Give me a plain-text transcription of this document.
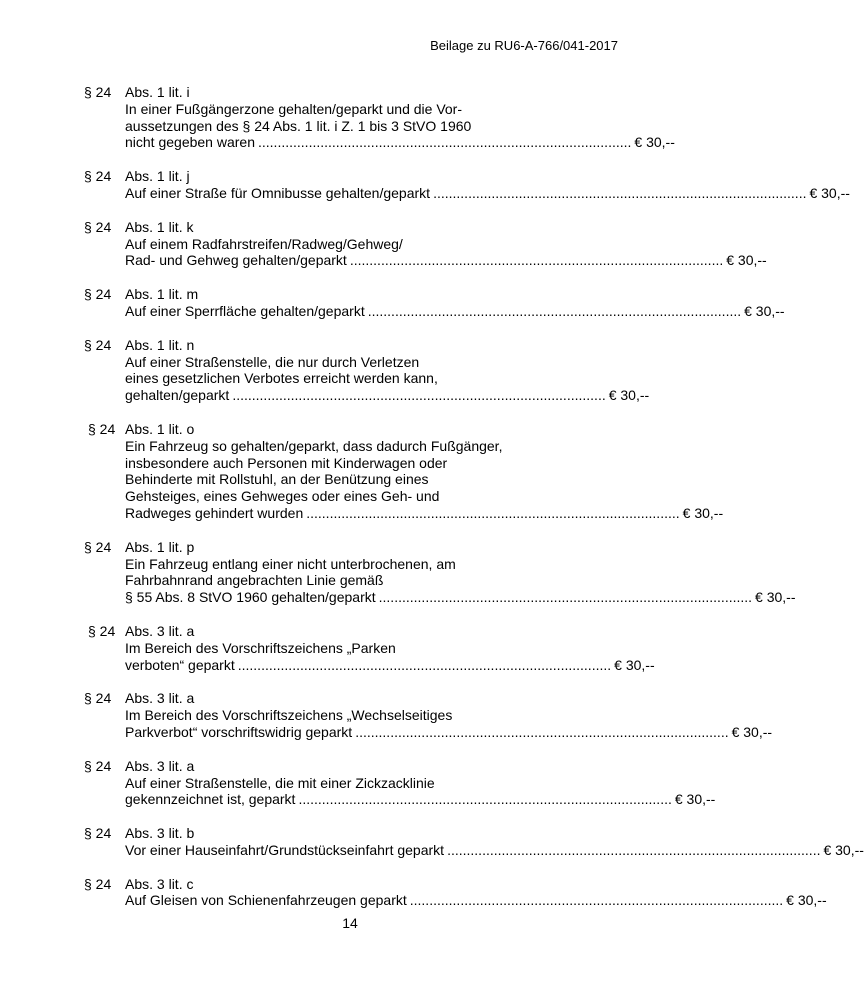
Beilage zu RU6-A-766/041-2017
§ 24 Abs. 1 lit. i
In einer Fußgängerzone gehalten/geparkt und die Vor-
aussetzungen des § 24 Abs. 1 lit. i Z. 1 bis 3 StVO 1960
nicht gegeben waren ................................................................................................ € 30,--
§ 24 Abs. 1 lit. j
Auf einer Straße für Omnibusse gehalten/geparkt ................................................................................................ € 30,--
§ 24 Abs. 1 lit. k
Auf einem Radfahrstreifen/Radweg/Gehweg/
Rad- und Gehweg gehalten/geparkt ................................................................................................ € 30,--
§ 24 Abs. 1 lit. m
Auf einer Sperrfläche gehalten/geparkt ................................................................................................ € 30,--
§ 24 Abs. 1 lit. n
Auf einer Straßenstelle, die nur durch Verletzen
eines gesetzlichen Verbotes erreicht werden kann,
gehalten/geparkt ................................................................................................ € 30,--
§ 24 Abs. 1 lit. o
Ein Fahrzeug so gehalten/geparkt, dass dadurch Fußgänger,
insbesondere auch Personen mit Kinderwagen oder
Behinderte mit Rollstuhl, an der Benützung eines
Gehsteiges, eines Gehweges oder eines Geh- und
Radweges gehindert wurden ................................................................................................ € 30,--
§ 24 Abs. 1 lit. p
Ein Fahrzeug entlang einer nicht unterbrochenen, am
Fahrbahnrand angebrachten Linie gemäß
§ 55 Abs. 8 StVO 1960 gehalten/geparkt ................................................................................................ € 30,--
§ 24 Abs. 3 lit. a
Im Bereich des Vorschriftszeichens „Parken
verboten“ geparkt ................................................................................................ € 30,--
§ 24 Abs. 3 lit. a
Im Bereich des Vorschriftszeichens „Wechselseitiges
Parkverbot“ vorschriftswidrig geparkt ................................................................................................ € 30,--
§ 24 Abs. 3 lit. a
Auf einer Straßenstelle, die mit einer Zickzacklinie
gekennzeichnet ist, geparkt ................................................................................................ € 30,--
§ 24 Abs. 3 lit. b
Vor einer Hauseinfahrt/Grundstückseinfahrt geparkt ................................................................................................ € 30,--
§ 24 Abs. 3 lit. c
Auf Gleisen von Schienenfahrzeugen geparkt ................................................................................................ € 30,--
14
